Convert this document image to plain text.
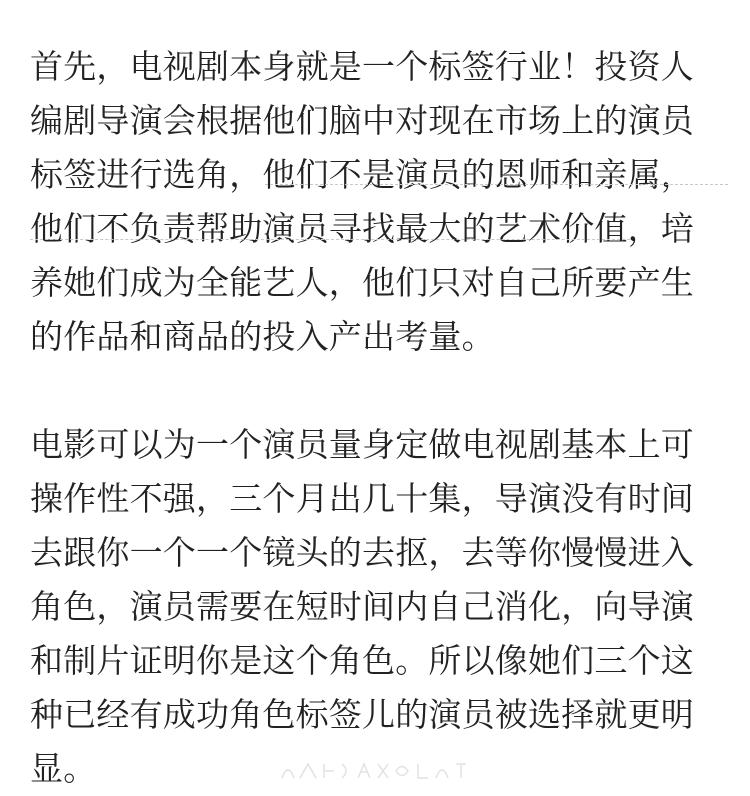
首先，电视剧本身就是一个标签行业！投资人
编剧导演会根据他们脑中对现在市场上的演员
标签进行选角，他们不是演员的恩师和亲属，
他们不负责帮助演员寻找最大的艺术价值，培
养她们成为全能艺人，他们只对自己所要产生
的作品和商品的投入产出考量。
电影可以为一个演员量身定做电视剧基本上可
操作性不强，三个月出几十集，导演没有时间
去跟你一个一个镜头的去抠，去等你慢慢进入
角色，演员需要在短时间内自己消化，向导演
和制片证明你是这个角色。所以像她们三个这
种已经有成功角色标签儿的演员被选择就更明
显。
